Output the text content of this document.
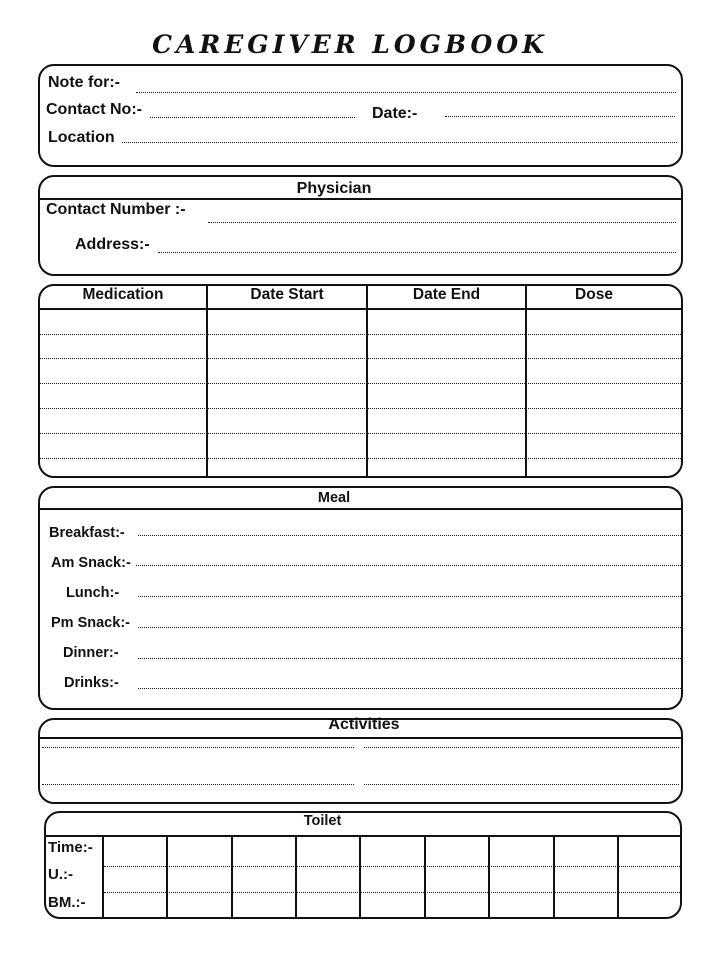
CAREGIVER LOGBOOK
Note for:-
Contact No:-	Date:-
Location
Physician
Contact Number :-
Address:-
Medication	Date Start	Date End	Dose
Meal
Breakfast:-
Am Snack:-
Lunch:-
Pm Snack:-
Dinner:-
Drinks:-
Activities
Toilet
Time:-
U.:-
BM.:-
